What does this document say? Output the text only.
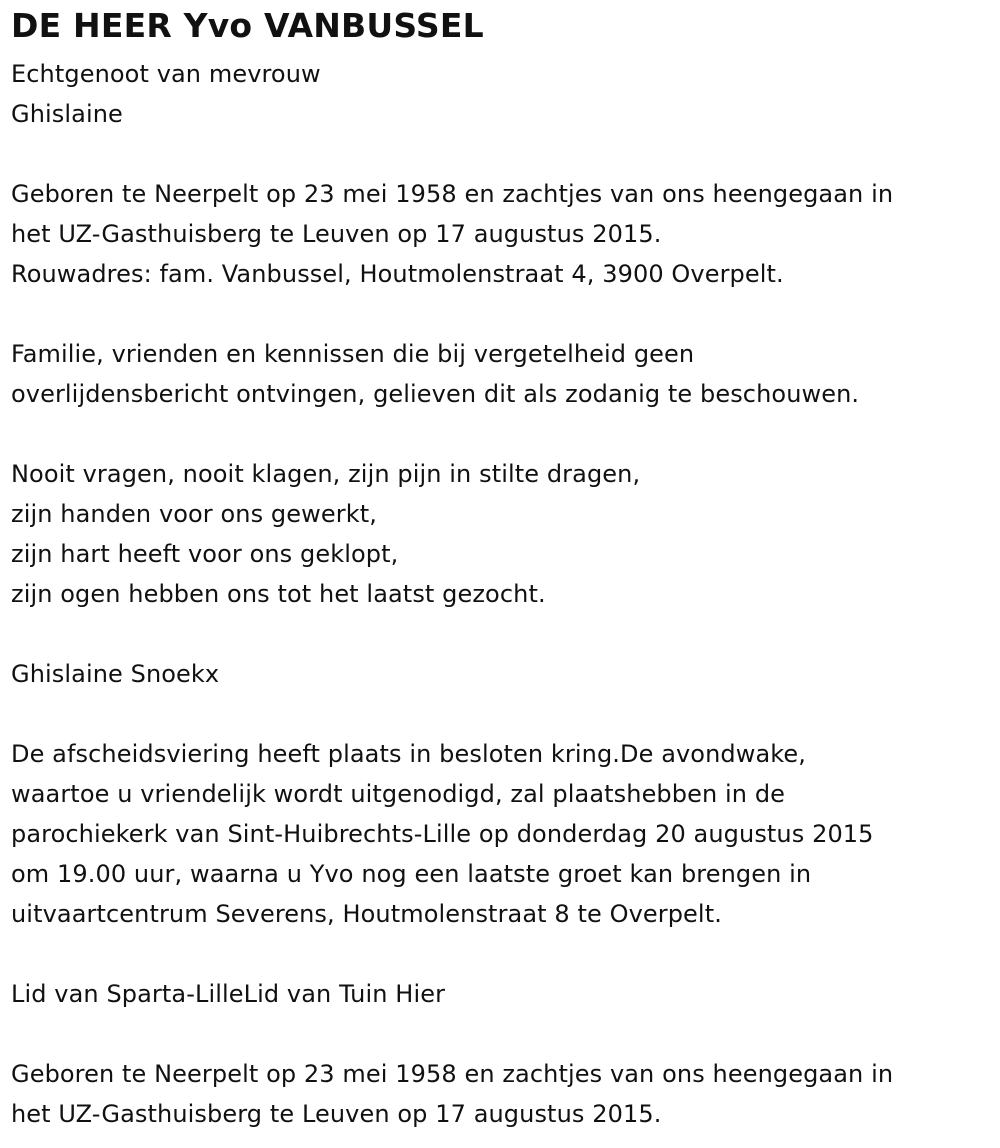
DE HEER Yvo VANBUSSEL
Echtgenoot van mevrouw
Ghislaine
Geboren te Neerpelt op 23 mei 1958 en zachtjes van ons heengegaan in
het UZ-Gasthuisberg te Leuven op 17 augustus 2015.
Rouwadres: fam. Vanbussel, Houtmolenstraat 4, 3900 Overpelt.
Familie, vrienden en kennissen die bij vergetelheid geen
overlijdensbericht ontvingen, gelieven dit als zodanig te beschouwen.
Nooit vragen, nooit klagen, zijn pijn in stilte dragen,
zijn handen voor ons gewerkt,
zijn hart heeft voor ons geklopt,
zijn ogen hebben ons tot het laatst gezocht.
Ghislaine Snoekx
De afscheidsviering heeft plaats in besloten kring.De avondwake,
waartoe u vriendelijk wordt uitgenodigd, zal plaatshebben in de
parochiekerk van Sint-Huibrechts-Lille op donderdag 20 augustus 2015
om 19.00 uur, waarna u Yvo nog een laatste groet kan brengen in
uitvaartcentrum Severens, Houtmolenstraat 8 te Overpelt.
Lid van Sparta-LilleLid van Tuin Hier
Geboren te Neerpelt op 23 mei 1958 en zachtjes van ons heengegaan in
het UZ-Gasthuisberg te Leuven op 17 augustus 2015.
